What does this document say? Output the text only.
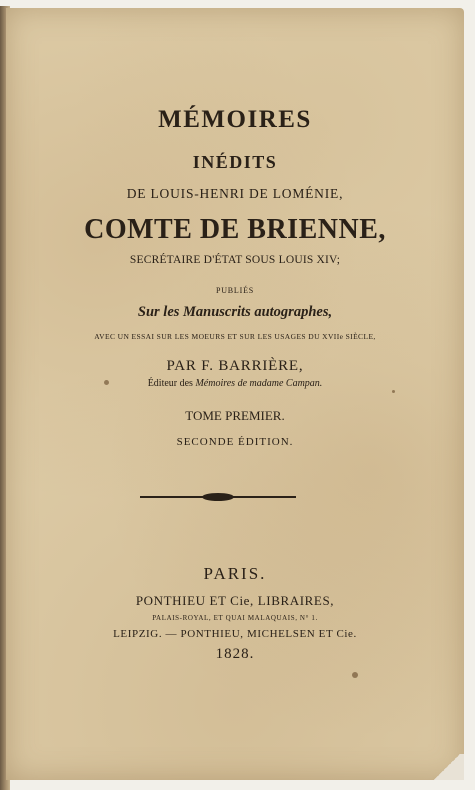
MÉMOIRES
INÉDITS
DE LOUIS-HENRI DE LOMÉNIE,
COMTE DE BRIENNE,
SECRÉTAIRE D'ÉTAT SOUS LOUIS XIV;
PUBLIÉS
Sur les Manuscrits autographes,
AVEC UN ESSAI SUR LES MOEURS ET SUR LES USAGES DU XVIIe SIÈCLE,
PAR F. BARRIÈRE,
Éditeur des Mémoires de madame Campan.
TOME PREMIER.
SECONDE ÉDITION.
PARIS.
PONTHIEU ET Cie, LIBRAIRES,
PALAIS-ROYAL, ET QUAI MALAQUAIS, N° 1.
LEIPZIG. — PONTHIEU, MICHELSEN ET Cie.
1828.
